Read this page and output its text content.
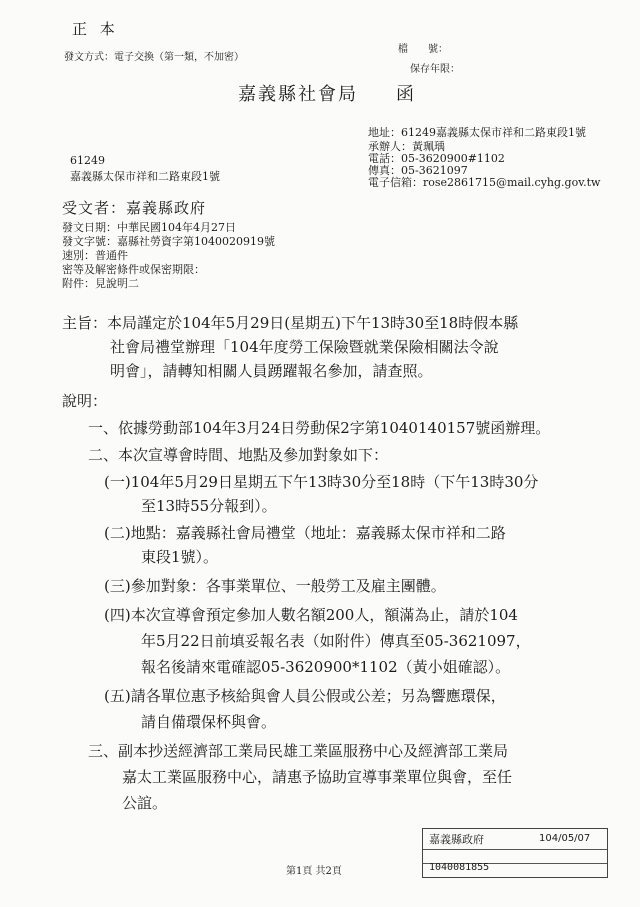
正 本
發文方式：電子交換（第一類，不加密）
檔　　號：
保存年限：
嘉義縣社會局 函
地址：61249嘉義縣太保市祥和二路東段1號
承辦人：黃珮瑀
電話：05-3620900#1102
傳真：05-3621097
電子信箱：rose2861715@mail.cyhg.gov.tw
61249
嘉義縣太保市祥和二路東段1號
受文者：嘉義縣政府
發文日期：中華民國104年4月27日
發文字號：嘉縣社勞資字第1040020919號
速別：普通件
密等及解密條件或保密期限：
附件：見說明二
主旨：本局謹定於104年5月29日(星期五)下午13時30至18時假本縣
社會局禮堂辦理「104年度勞工保險暨就業保險相關法令說
明會」，請轉知相關人員踴躍報名參加，請查照。
說明：
一、依據勞動部104年3月24日勞動保2字第1040140157號函辦理。
二、本次宣導會時間、地點及參加對象如下：
(一)104年5月29日星期五下午13時30分至18時（下午13時30分
至13時55分報到）。
(二)地點：嘉義縣社會局禮堂（地址：嘉義縣太保市祥和二路
東段1號）。
(三)參加對象：各事業單位、一般勞工及雇主團體。
(四)本次宣導會預定參加人數名額200人，額滿為止，請於104
年5月22日前填妥報名表（如附件）傳真至05-3621097，
報名後請來電確認05-3620900*1102（黃小姐確認）。
(五)請各單位惠予核給與會人員公假或公差；另為響應環保，
請自備環保杯與會。
三、副本抄送經濟部工業局民雄工業區服務中心及經濟部工業局
嘉太工業區服務中心，請惠予協助宣導事業單位與會，至任
公誼。
第1頁 共2頁
嘉義縣政府	104/05/07
1040081855
